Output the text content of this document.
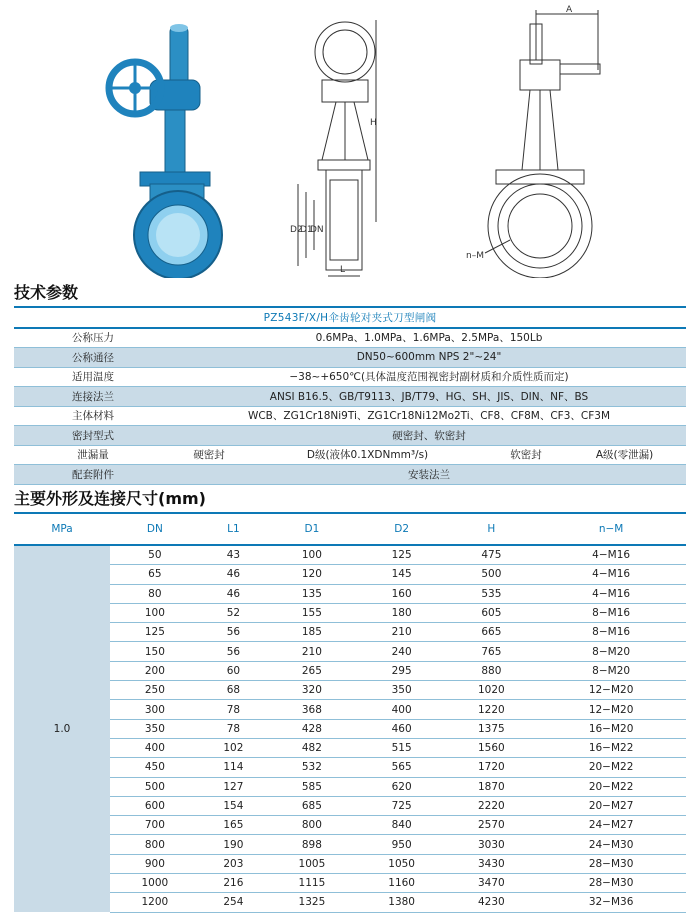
H
D2
D1
DN
L
A
n–M
技术参数
PZ543F/X/H伞齿轮对夹式刀型闸阀				
公称压力	0.6MPa、1.0MPa、1.6MPa、2.5MPa、150Lb			
公称通径	DN50~600mm NPS 2"~24"			
适用温度	−38~+650℃(具体温度范围视密封副材质和介质性质而定)			
连接法兰	ANSI B16.5、GB/T9113、JB/T79、HG、SH、JIS、DIN、NF、BS			
主体材料	WCB、ZG1Cr18Ni9Ti、ZG1Cr18Ni12Mo2Ti、CF8、CF8M、CF3、CF3M			
密封型式	硬密封、软密封			
泄漏量	硬密封	D级(液体0.1XDNmm³/s)	软密封	A级(零泄漏)
配套附件	安装法兰			
主要外形及连接尺寸(mm)
MPa	DN	L1	D1	D2	H	n−M
1.0	50	43	100	125	475	4−M16
	65	46	120	145	500	4−M16
	80	46	135	160	535	4−M16
	100	52	155	180	605	8−M16
	125	56	185	210	665	8−M16
	150	56	210	240	765	8−M20
	200	60	265	295	880	8−M20
	250	68	320	350	1020	12−M20
	300	78	368	400	1220	12−M20
	350	78	428	460	1375	16−M20
	400	102	482	515	1560	16−M22
	450	114	532	565	1720	20−M22
	500	127	585	620	1870	20−M22
	600	154	685	725	2220	20−M27
	700	165	800	840	2570	24−M27
	800	190	898	950	3030	24−M30
	900	203	1005	1050	3430	28−M30
	1000	216	1115	1160	3470	28−M30
	1200	254	1325	1380	4230	32−M36
